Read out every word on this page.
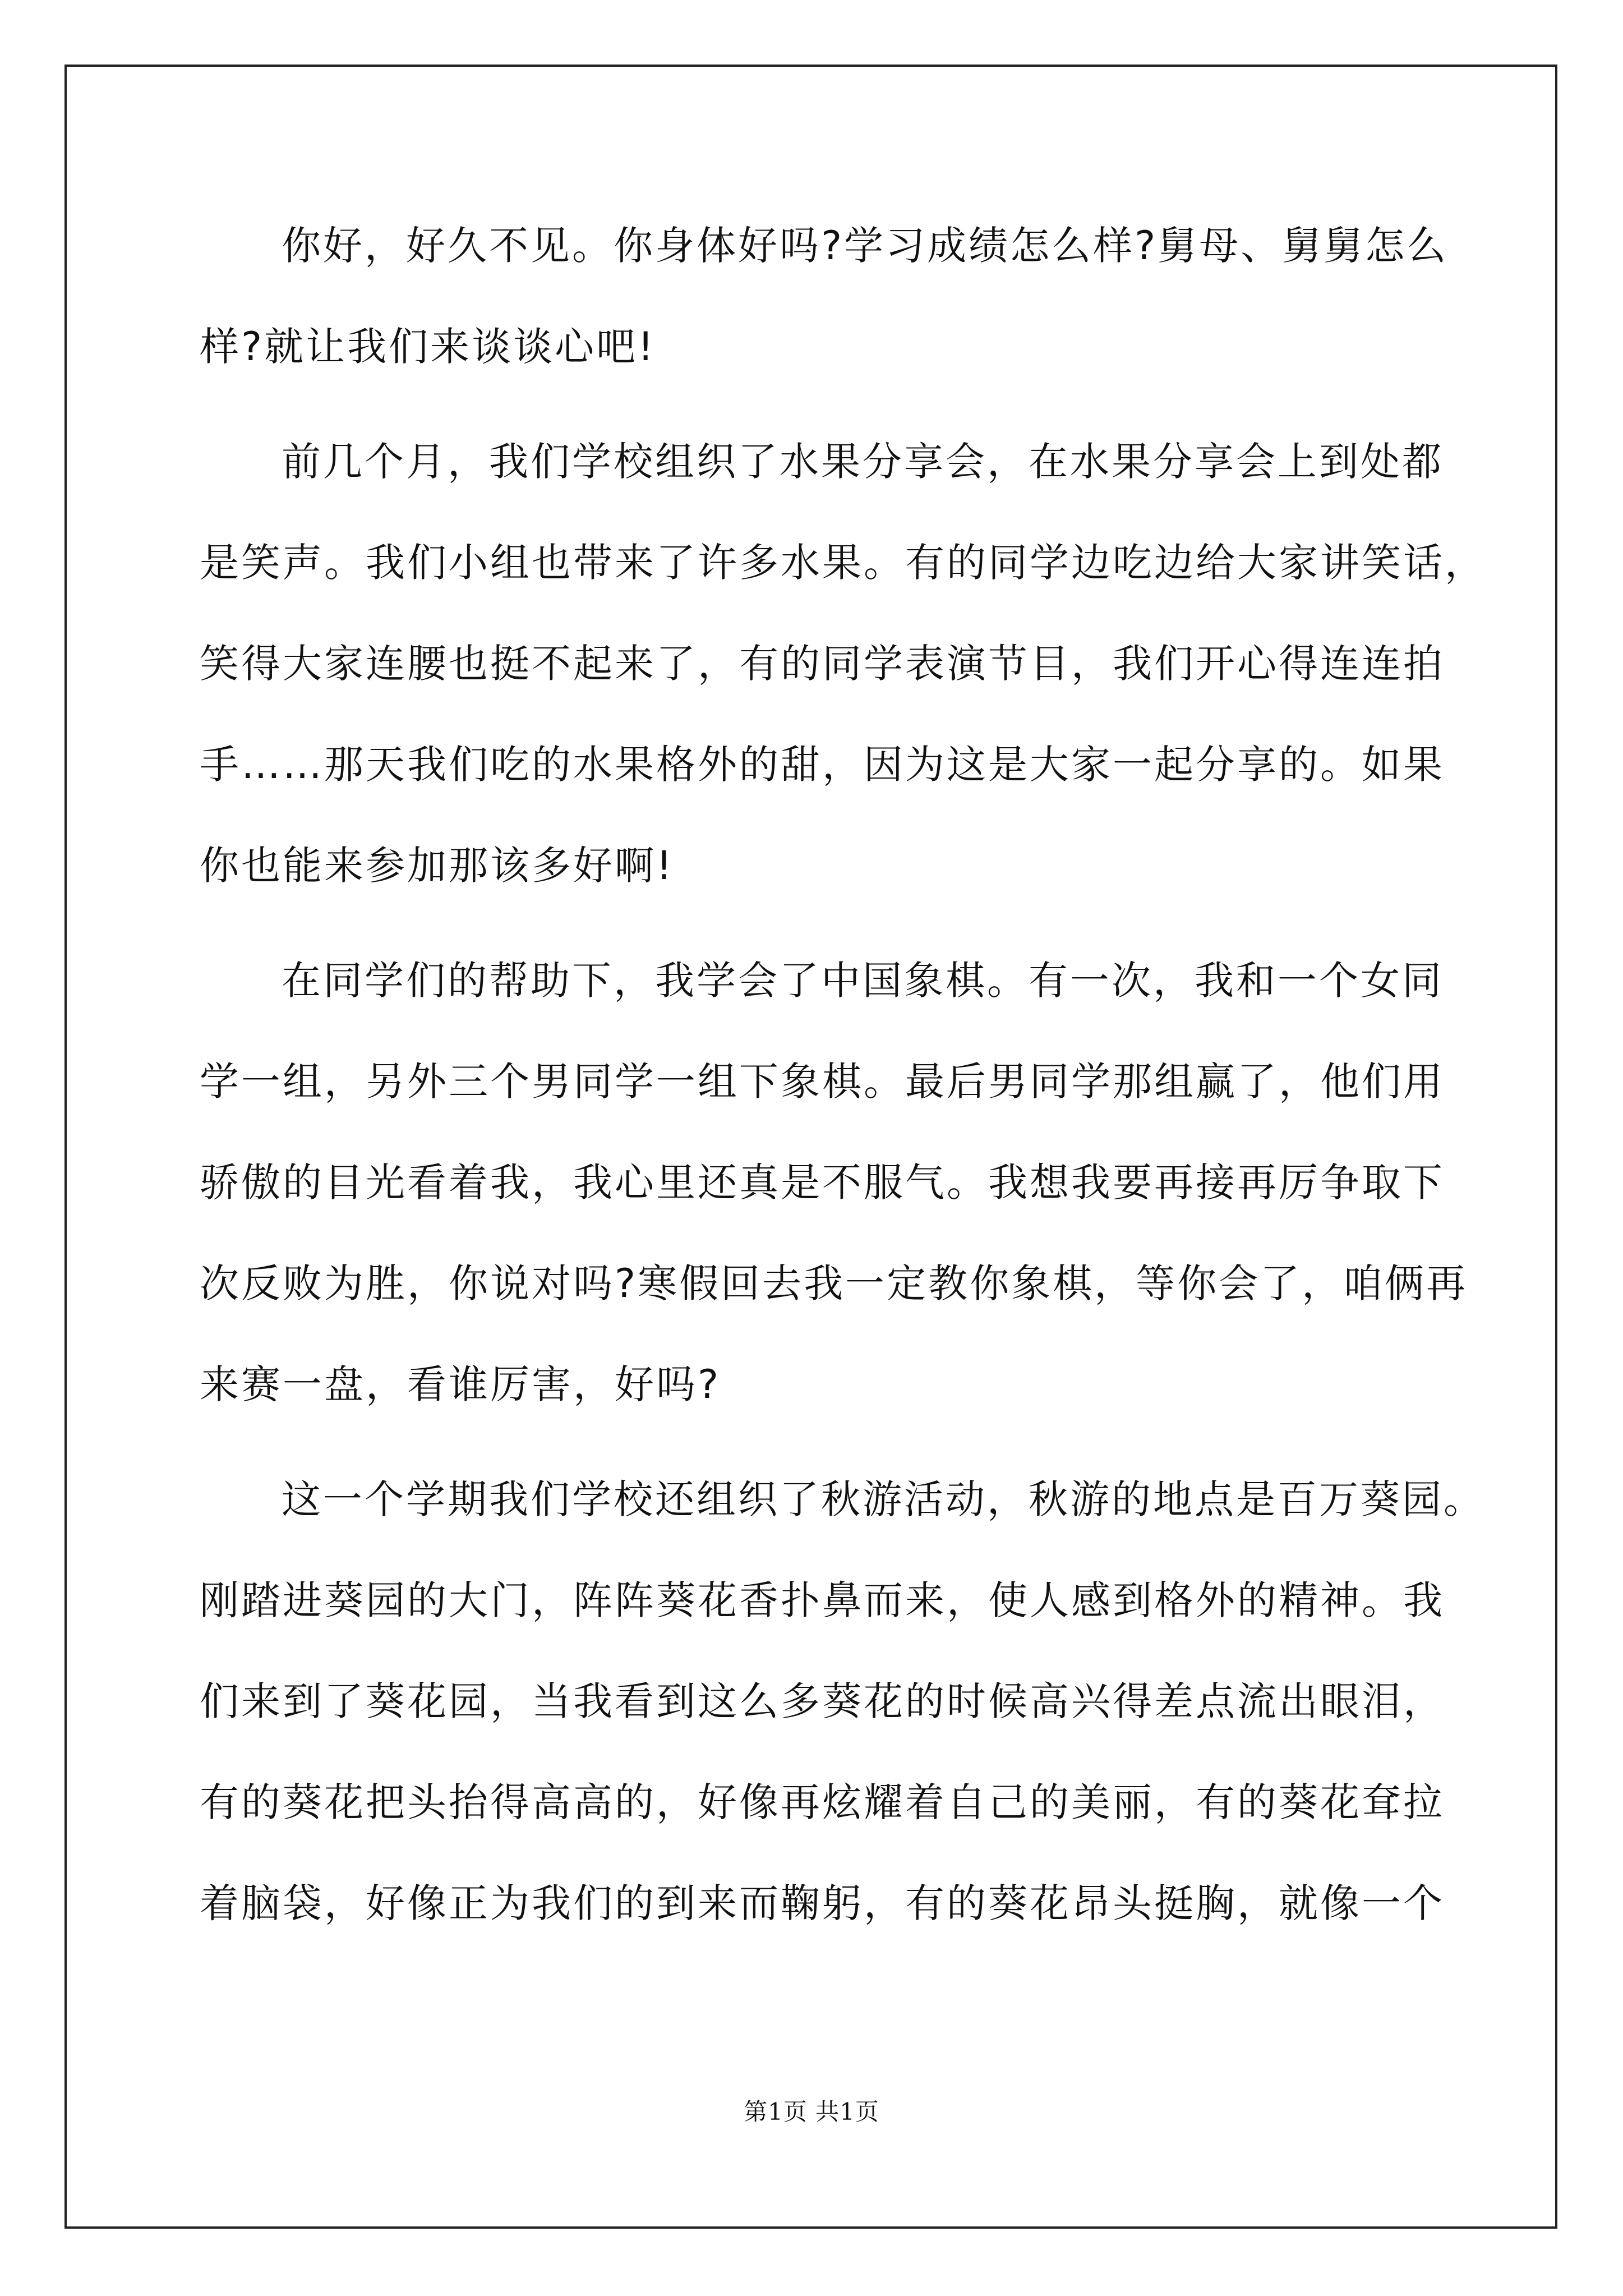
你好，好久不见。你身体好吗?学习成绩怎么样?舅母、舅舅怎么
样?就让我们来谈谈心吧!
前几个月，我们学校组织了水果分享会，在水果分享会上到处都
是笑声。我们小组也带来了许多水果。有的同学边吃边给大家讲笑话，
笑得大家连腰也挺不起来了，有的同学表演节目，我们开心得连连拍
手……那天我们吃的水果格外的甜，因为这是大家一起分享的。如果
你也能来参加那该多好啊!
在同学们的帮助下，我学会了中国象棋。有一次，我和一个女同
学一组，另外三个男同学一组下象棋。最后男同学那组赢了，他们用
骄傲的目光看着我，我心里还真是不服气。我想我要再接再厉争取下
次反败为胜，你说对吗?寒假回去我一定教你象棋，等你会了，咱俩再
来赛一盘，看谁厉害，好吗?
这一个学期我们学校还组织了秋游活动，秋游的地点是百万葵园。
刚踏进葵园的大门，阵阵葵花香扑鼻而来，使人感到格外的精神。我
们来到了葵花园，当我看到这么多葵花的时候高兴得差点流出眼泪，
有的葵花把头抬得高高的，好像再炫耀着自己的美丽，有的葵花耷拉
着脑袋，好像正为我们的到来而鞠躬，有的葵花昂头挺胸，就像一个
第1页 共1页
